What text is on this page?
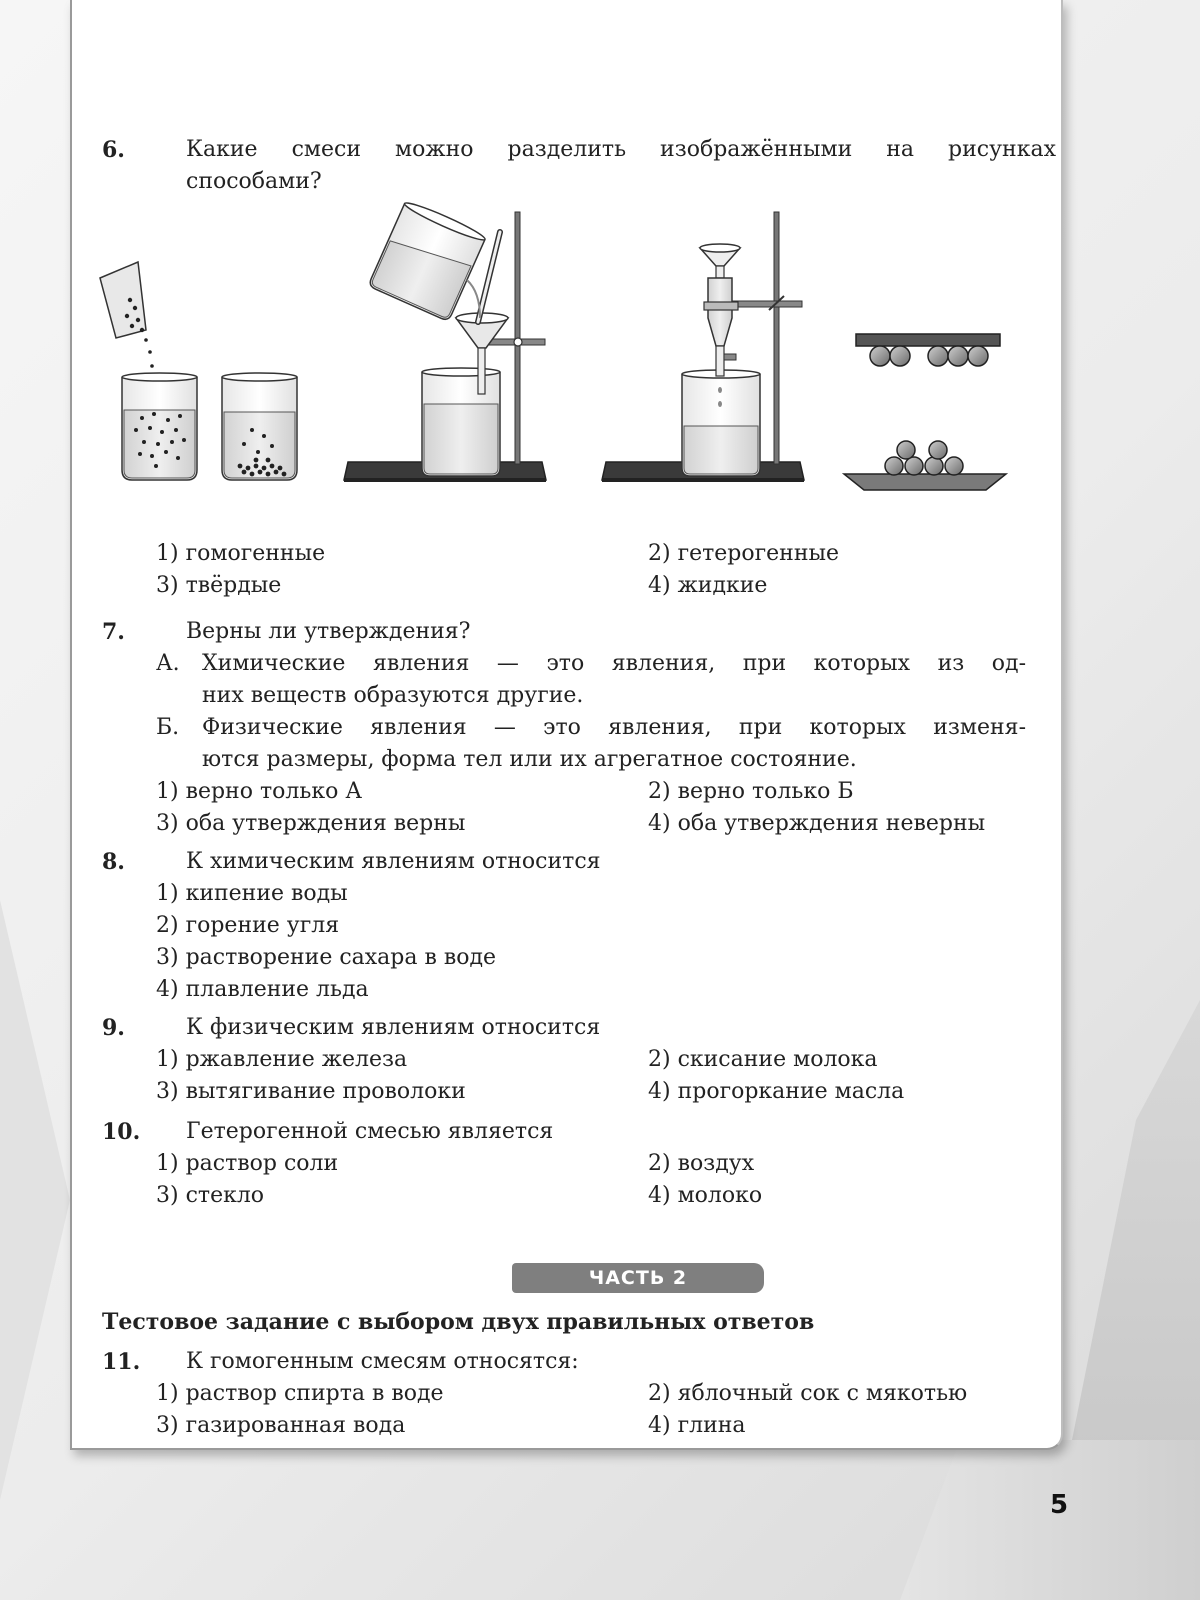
6.	Какие смеси можно разделить изображёнными на рисунках
способами?
1) гомогенные	2) гетерогенные
3) твёрдые	4) жидкие
7.	Верны ли утверждения?
А. Химические явления — это явления, при которых из од-
них веществ образуются другие.
Б. Физические явления — это явления, при которых изменя-
ются размеры, форма тел или их агрегатное состояние.
1) верно только А	2) верно только Б
3) оба утверждения верны	4) оба утверждения неверны
8.	К химическим явлениям относится
1) кипение воды
2) горение угля
3) растворение сахара в воде
4) плавление льда
9.	К физическим явлениям относится
1) ржавление железа	2) скисание молока
3) вытягивание проволоки	4) прогоркание масла
10.	Гетерогенной смесью является
1) раствор соли	2) воздух
3) стекло	4) молоко
ЧАСТЬ 2
Тестовое задание с выбором двух правильных ответов
11.	К гомогенным смесям относятся:
1) раствор спирта в воде	2) яблочный сок с мякотью
3) газированная вода	4) глина
5
